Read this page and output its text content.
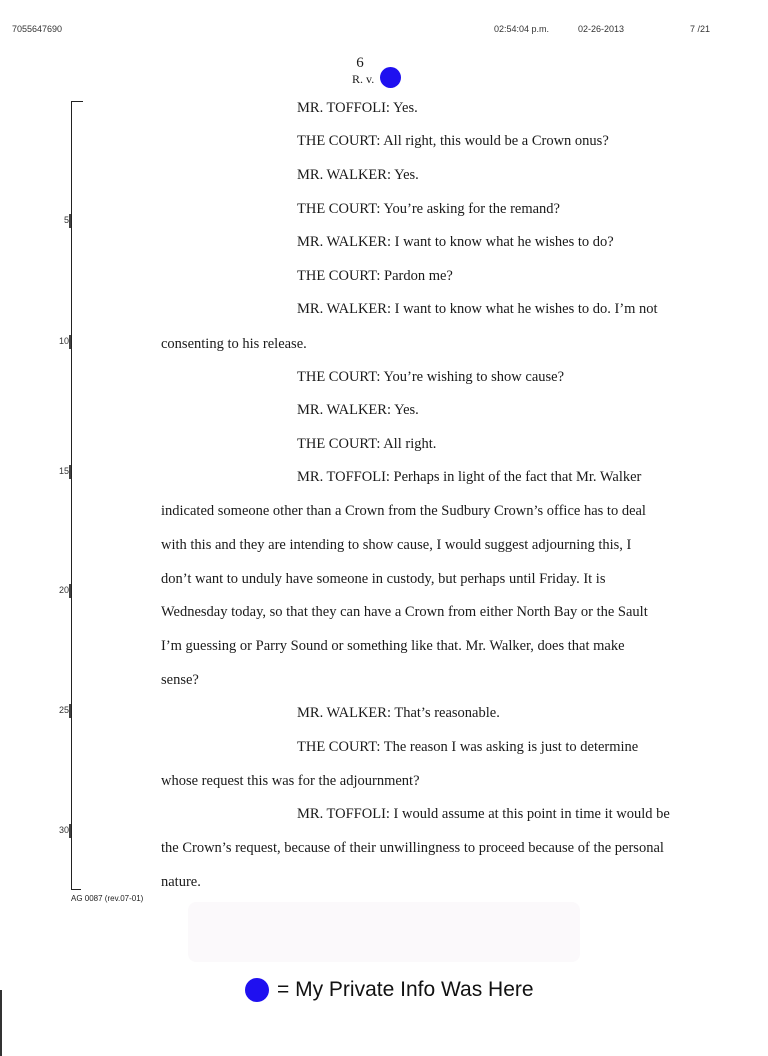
7055647690	02:54:04 p.m.	02-26-2013	7 /21
6
R. v.
5
10
15
20
25
30
MR. TOFFOLI: Yes.
THE COURT: All right, this would be a Crown onus?
MR. WALKER: Yes.
THE COURT: You’re asking for the remand?
MR. WALKER: I want to know what he wishes to do?
THE COURT: Pardon me?
MR. WALKER: I want to know what he wishes to do. I’m not
consenting to his release.
THE COURT: You’re wishing to show cause?
MR. WALKER: Yes.
THE COURT: All right.
MR. TOFFOLI: Perhaps in light of the fact that Mr. Walker
indicated someone other than a Crown from the Sudbury Crown’s office has to deal
with this and they are intending to show cause, I would suggest adjourning this, I
don’t want to unduly have someone in custody, but perhaps until Friday. It is
Wednesday today, so that they can have a Crown from either North Bay or the Sault
I’m guessing or Parry Sound or something like that. Mr. Walker, does that make
sense?
MR. WALKER: That’s reasonable.
THE COURT: The reason I was asking is just to determine
whose request this was for the adjournment?
MR. TOFFOLI: I would assume at this point in time it would be
the Crown’s request, because of their unwillingness to proceed because of the personal
nature.
AG 0087 (rev.07-01)
= My Private Info Was Here
